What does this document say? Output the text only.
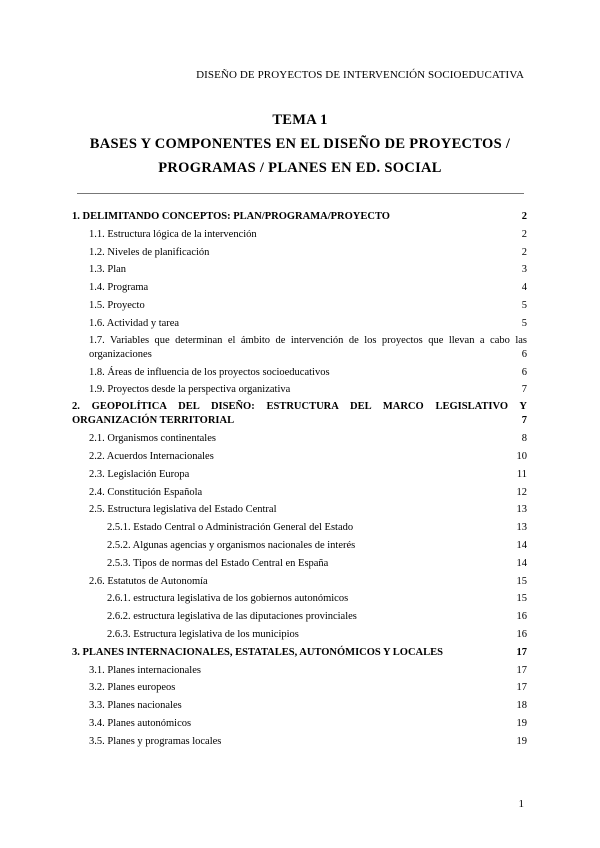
DISEÑO DE PROYECTOS DE INTERVENCIÓN SOCIOEDUCATIVA
TEMA 1
BASES Y COMPONENTES EN EL DISEÑO DE PROYECTOS /
PROGRAMAS / PLANES EN ED. SOCIAL
1. DELIMITANDO CONCEPTOS: PLAN/PROGRAMA/PROYECTO	2
1.1. Estructura lógica de la intervención	2
1.2. Niveles de planificación	2
1.3. Plan	3
1.4. Programa	4
1.5. Proyecto	5
1.6. Actividad y tarea	5
1.7. Variables que determinan el ámbito de intervención de los proyectos que llevan a cabo las organizaciones	6
1.8. Áreas de influencia de los proyectos socioeducativos	6
1.9. Proyectos desde la perspectiva organizativa	7
2. GEOPOLÍTICA DEL DISEÑO: ESTRUCTURA DEL MARCO LEGISLATIVO Y ORGANIZACIÓN TERRITORIAL	7
2.1. Organismos continentales	8
2.2. Acuerdos Internacionales	10
2.3. Legislación Europa	11
2.4. Constitución Española	12
2.5. Estructura legislativa del Estado Central	13
2.5.1. Estado Central o Administración General del Estado	13
2.5.2. Algunas agencias y organismos nacionales de interés	14
2.5.3. Tipos de normas del Estado Central en España	14
2.6. Estatutos de Autonomía	15
2.6.1. estructura legislativa de los gobiernos autonómicos	15
2.6.2. estructura legislativa de las diputaciones provinciales	16
2.6.3. Estructura legislativa de los municipios	16
3. PLANES INTERNACIONALES, ESTATALES, AUTONÓMICOS Y LOCALES	17
3.1. Planes internacionales	17
3.2. Planes europeos	17
3.3. Planes nacionales	18
3.4. Planes autonómicos	19
3.5. Planes y programas locales	19
1
